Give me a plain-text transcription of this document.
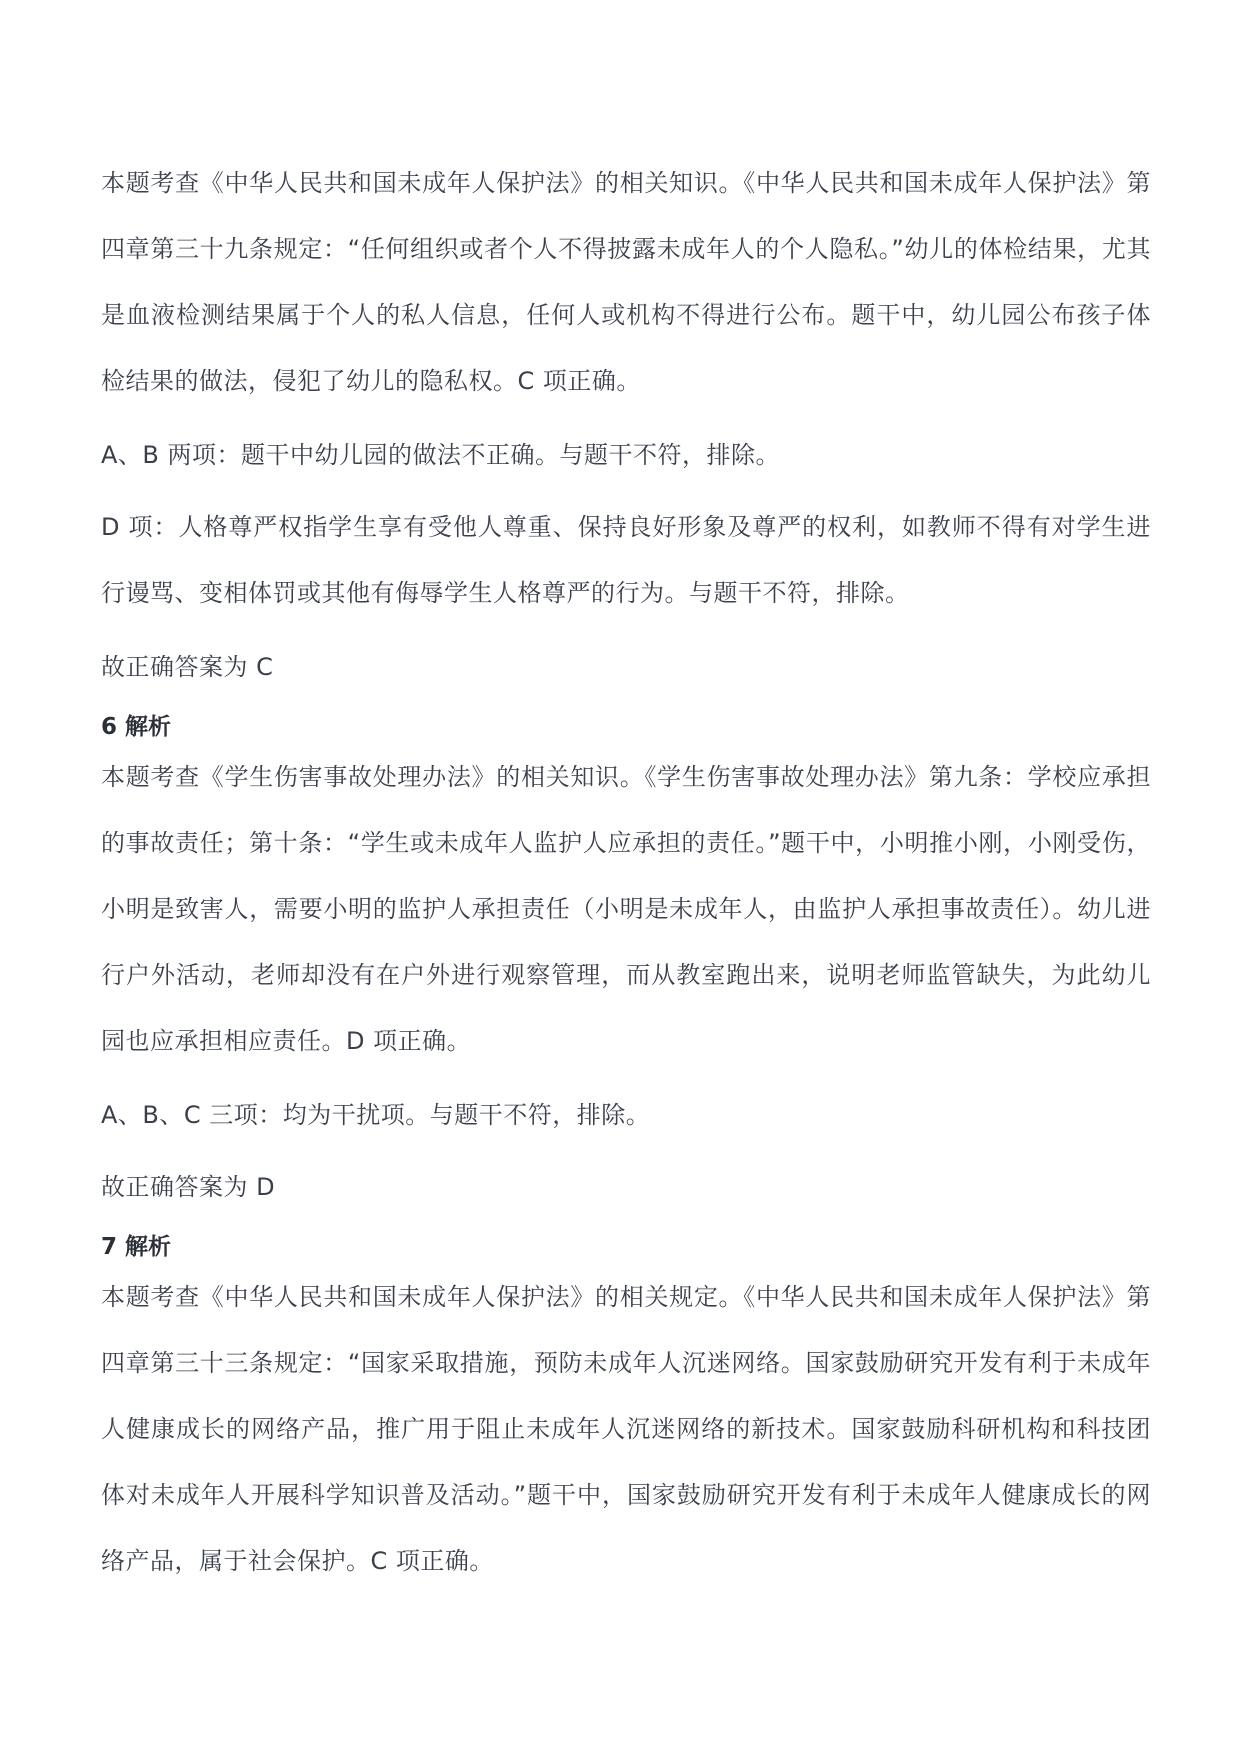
本题考查《中华人民共和国未成年人保护法》的相关知识。《中华人民共和国未成年人保护法》第四章第三十九条规定：“任何组织或者个人不得披露未成年人的个人隐私。”幼儿的体检结果，尤其是血液检测结果属于个人的私人信息，任何人或机构不得进行公布。题干中，幼儿园公布孩子体检结果的做法，侵犯了幼儿的隐私权。C 项正确。

A、B 两项：题干中幼儿园的做法不正确。与题干不符，排除。

D 项：人格尊严权指学生享有受他人尊重、保持良好形象及尊严的权利，如教师不得有对学生进行谩骂、变相体罚或其他有侮辱学生人格尊严的行为。与题干不符，排除。

故正确答案为 C

6 解析

本题考查《学生伤害事故处理办法》的相关知识。《学生伤害事故处理办法》第九条：学校应承担的事故责任；第十条：“学生或未成年人监护人应承担的责任。”题干中，小明推小刚，小刚受伤，小明是致害人，需要小明的监护人承担责任（小明是未成年人，由监护人承担事故责任）。幼儿进行户外活动，老师却没有在户外进行观察管理，而从教室跑出来，说明老师监管缺失，为此幼儿园也应承担相应责任。D 项正确。

A、B、C 三项：均为干扰项。与题干不符，排除。

故正确答案为 D

7 解析

本题考查《中华人民共和国未成年人保护法》的相关规定。《中华人民共和国未成年人保护法》第四章第三十三条规定：“国家采取措施，预防未成年人沉迷网络。国家鼓励研究开发有利于未成年人健康成长的网络产品，推广用于阻止未成年人沉迷网络的新技术。国家鼓励科研机构和科技团体对未成年人开展科学知识普及活动。”题干中，国家鼓励研究开发有利于未成年人健康成长的网络产品，属于社会保护。C 项正确。
